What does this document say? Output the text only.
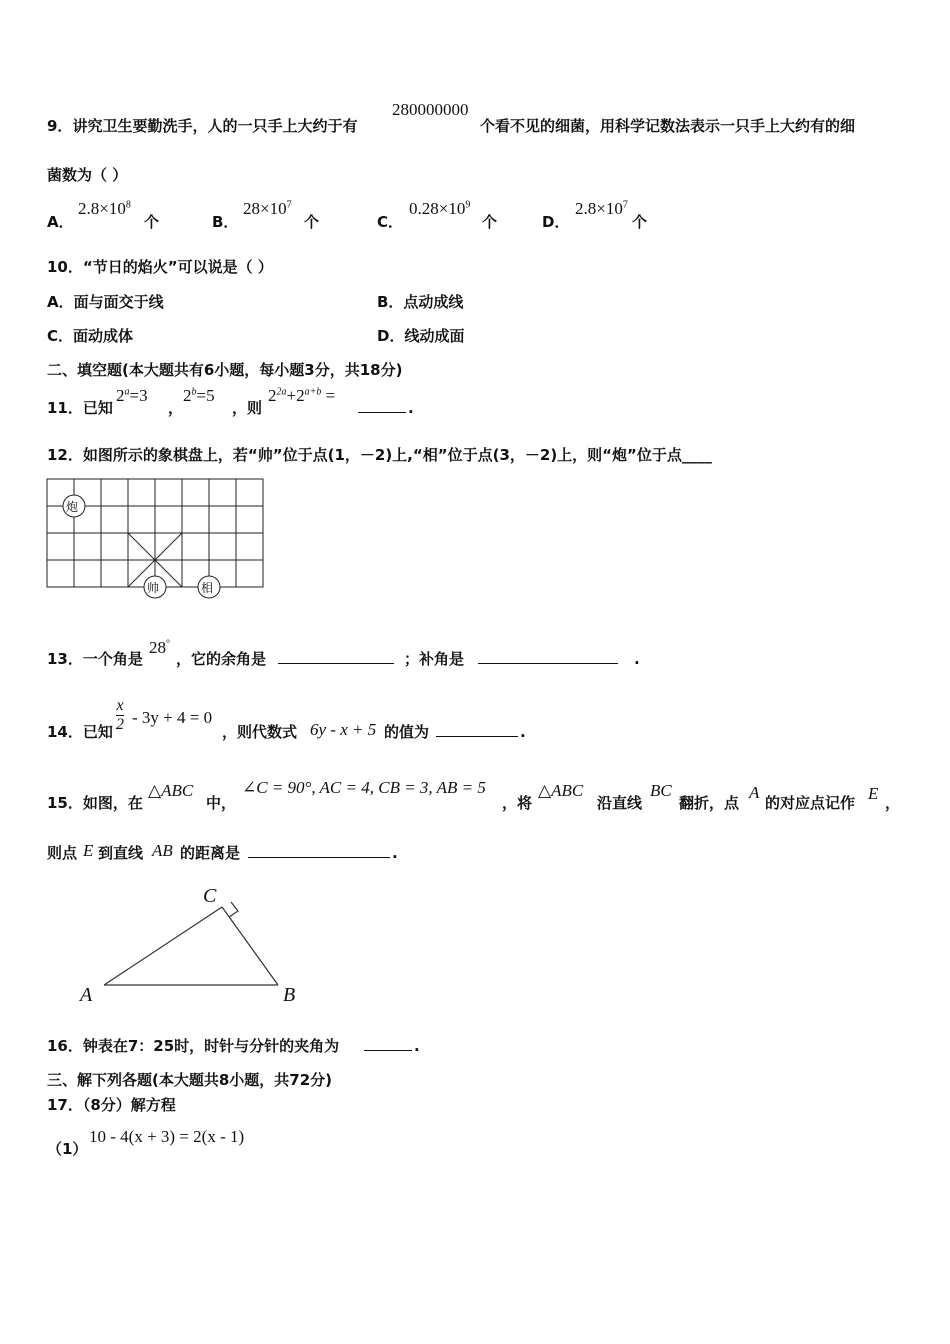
9．讲究卫生要勤洗手，人的一只手上大约于有
280000000
个看不见的细菌，用科学记数法表示一只手上大约有的细
菌数为（ ）
A．
$2.8\times 10^8$
个	B．
$28\times 10^7$
个	C．
$0.28\times 10^9$
个	D．
$2.8\times 10^7$
个
10．“节日的焰火”可以说是（ ）
A．面与面交于线	B．点动成线
C．面动成体	D．线动成面
二、填空题(本大题共有6小题，每小题3分，共18分)
11．已知
$2^a=3$
，
$2^b=5$
，则
$2^{2a}+2^{a+b}$ =
.
12．如图所示的象棋盘上，若“帅”位于点(1，－2)上,“相”位于点(3，－2)上，则“炮”位于点____
炮
帅	相
13．一个角是
28°
，它的余角是	；补角是	.
14．已知 $\frac{x}{2} - 3y + 4 = 0$
，则代数式 6y - x + 5 的值为	.
15．如图，在
△ABC
中，
∠C = 90°, AC = 4, CB = 3, AB = 5
，将
△ABC
沿直线
BC
翻折，点
A
的对应点记作 E ，
则点 E 到直线 AB 的距离是	.
A	B
C
16．钟表在7：25时，时针与分针的夹角为	.
三、解下列各题(本大题共8小题，共72分)
17．（8分）解方程
（1）
10 - 4(x + 3) = 2(x - 1)
